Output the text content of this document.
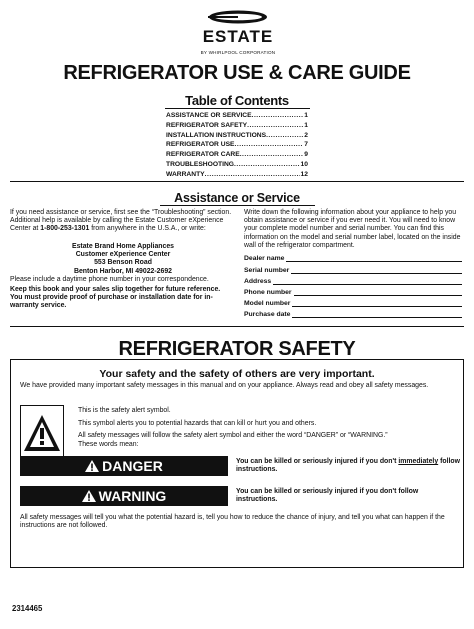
ESTATE
BY WHIRLPOOL CORPORATION
REFRIGERATOR USE & CARE GUIDE
Table of Contents
ASSISTANCE OR SERVICE .....	1
REFRIGERATOR SAFETY .....	1
INSTALLATION INSTRUCTIONS .....	2
REFRIGERATOR USE .....	7
REFRIGERATOR CARE .....	9
TROUBLESHOOTING .....	10
WARRANTY .....	12
Assistance or Service
If you need assistance or service, first see the “Troubleshooting” section. Additional help is available by calling the Estate Customer eXperience Center at 1-800-253-1301 from anywhere in the U.S.A., or write:
Estate Brand Home Appliances
Customer eXperience Center
553 Benson Road
Benton Harbor, MI 49022-2692
Please include a daytime phone number in your correspondence.
Keep this book and your sales slip together for future reference. You must provide proof of purchase or installation date for in-warranty service.
Write down the following information about your appliance to help you obtain assistance or service if you ever need it. You will need to know your complete model number and serial number. You can find this information on the model and serial number label, located on the inside wall of the refrigerator compartment.
Dealer name
Serial number
Address
Phone number
Model number
Purchase date
REFRIGERATOR SAFETY
Your safety and the safety of others are very important.
We have provided many important safety messages in this manual and on your appliance. Always read and obey all safety messages.
This is the safety alert symbol.
This symbol alerts you to potential hazards that can kill or hurt you and others.
All safety messages will follow the safety alert symbol and either the word “DANGER” or “WARNING.”
These words mean:
DANGER	You can be killed or seriously injured if you don't immediately follow instructions.
WARNING	You can be killed or seriously injured if you don't follow instructions.
All safety messages will tell you what the potential hazard is, tell you how to reduce the chance of injury, and tell you what can happen if the instructions are not followed.
2314465
